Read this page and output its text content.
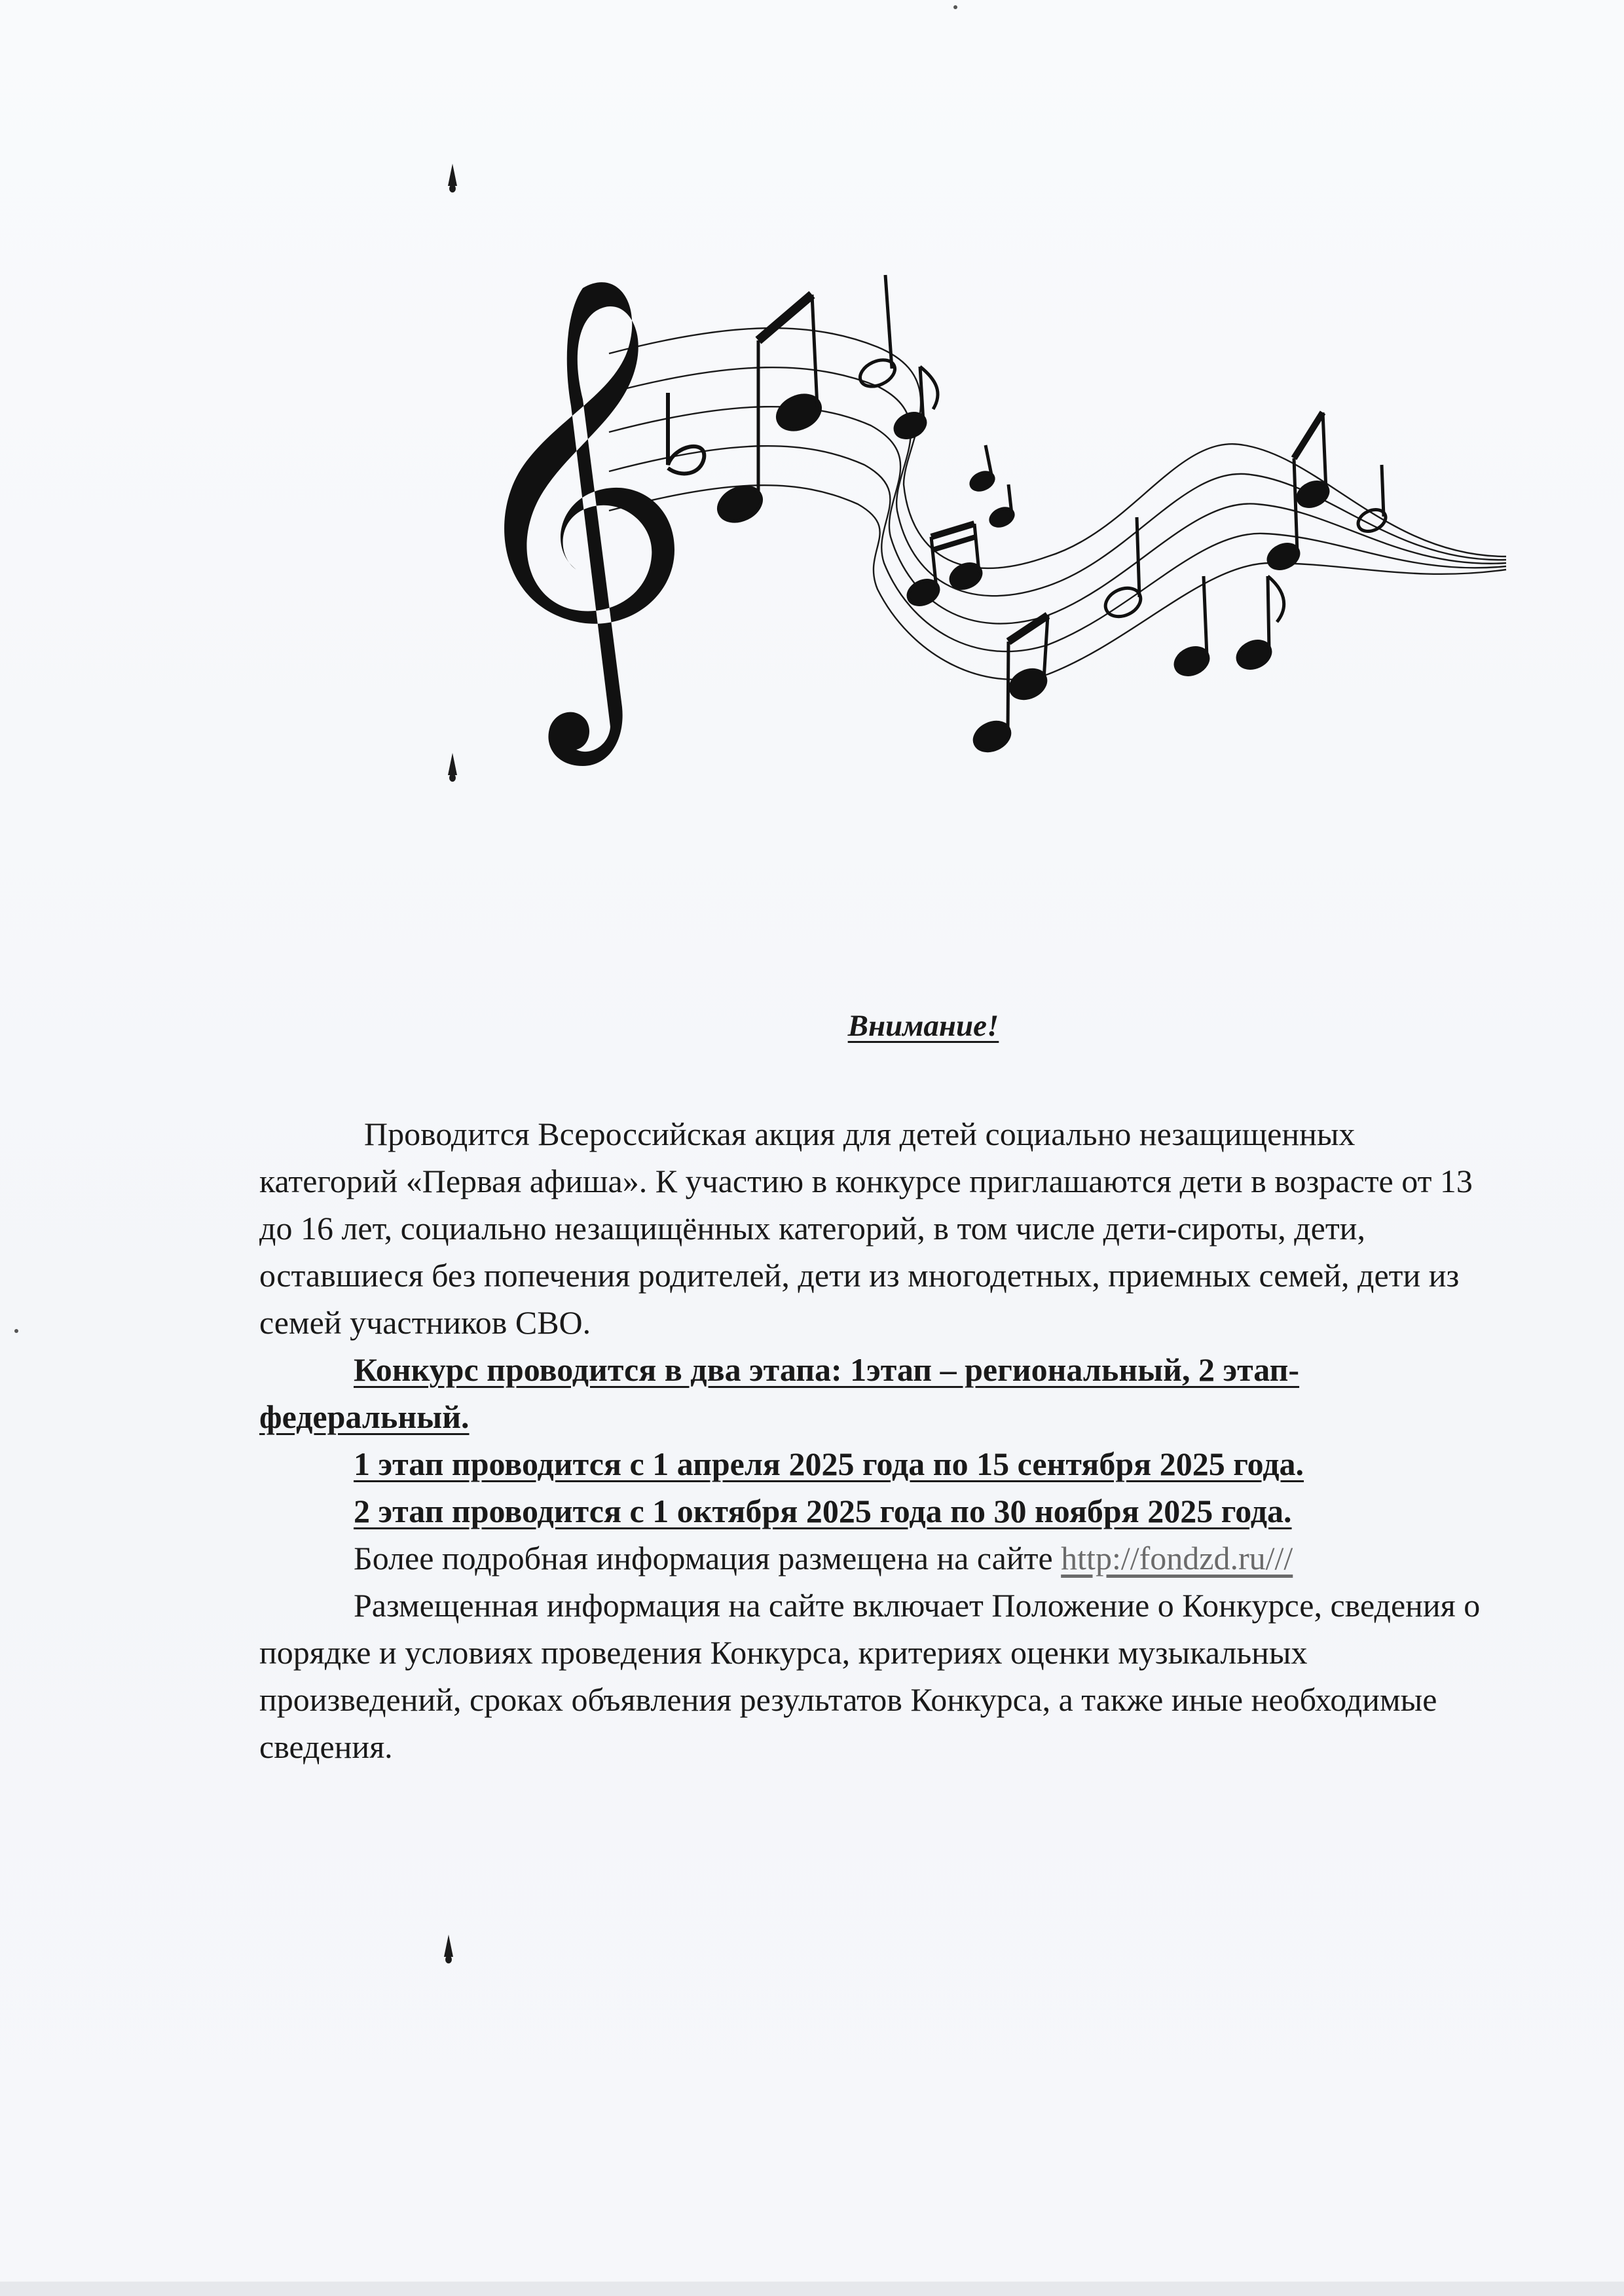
Внимание!

Проводится Всероссийская акция для детей социально незащищенных категорий «Первая афиша». К участию в конкурсе приглашаются дети в возрасте от 13 до 16 лет, социально незащищённых категорий, в том числе дети-сироты, дети, оставшиеся без попечения родителей, дети из многодетных, приемных семей, дети из семей участников СВО.

Конкурс проводится в два этапа: 1этап – региональный, 2 этап-федеральный.

1 этап проводится с 1 апреля 2025 года по 15 сентября 2025 года.

2 этап проводится с 1 октября 2025 года по 30 ноября 2025 года.

Более подробная информация размещена на сайте http://fondzd.ru///

Размещенная информация на сайте включает Положение о Конкурсе, сведения о порядке и условиях проведения Конкурса, критериях оценки музыкальных произведений, сроках объявления результатов Конкурса, а также иные необходимые сведения.
